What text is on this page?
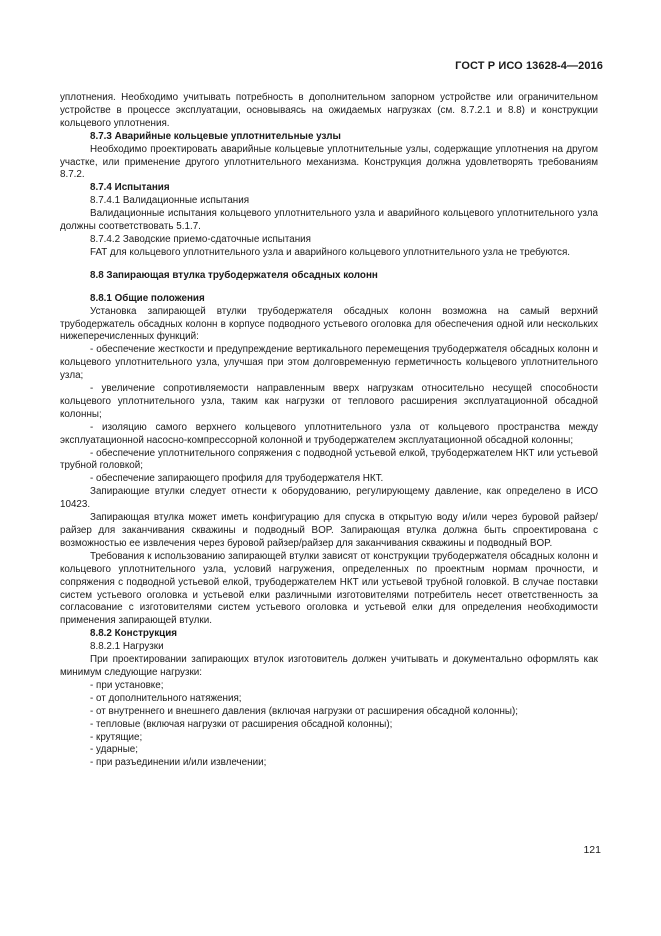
ГОСТ Р ИСО 13628-4—2016

уплотнения. Необходимо учитывать потребность в дополнительном запорном устройстве или ограничительном устройстве в процессе эксплуатации, основываясь на ожидаемых нагрузках (см. 8.7.2.1 и 8.8) и конструкции кольцевого уплотнения.

8.7.3 Аварийные кольцевые уплотнительные узлы

Необходимо проектировать аварийные кольцевые уплотнительные узлы, содержащие уплотнения на другом участке, или применение другого уплотнительного механизма. Конструкция должна удовлетворять требованиям 8.7.2.

8.7.4 Испытания

8.7.4.1 Валидационные испытания

Валидационные испытания кольцевого уплотнительного узла и аварийного кольцевого уплотнительного узла должны соответствовать 5.1.7.

8.7.4.2 Заводские приемо-сдаточные испытания

FAT для кольцевого уплотнительного узла и аварийного кольцевого уплотнительного узла не требуются.

8.8 Запирающая втулка трубодержателя обсадных колонн

8.8.1 Общие положения

Установка запирающей втулки трубодержателя обсадных колонн возможна на самый верхний трубодержатель обсадных колонн в корпусе подводного устьевого оголовка для обеспечения одной или нескольких нижеперечисленных функций:

- обеспечение жесткости и предупреждение вертикального перемещения трубодержателя обсадных колонн и кольцевого уплотнительного узла, улучшая при этом долговременную герметичность кольцевого уплотнительного узла;

- увеличение сопротивляемости направленным вверх нагрузкам относительно несущей способности кольцевого уплотнительного узла, таким как нагрузки от теплового расширения эксплуатационной обсадной колонны;

- изоляцию самого верхнего кольцевого уплотнительного узла от кольцевого пространства между эксплуатационной насосно-компрессорной колонной и трубодержателем эксплуатационной обсадной колонны;

- обеспечение уплотнительного сопряжения с подводной устьевой елкой, трубодержателем НКТ или устьевой трубной головкой;

- обеспечение запирающего профиля для трубодержателя НКТ.

Запирающие втулки следует отнести к оборудованию, регулирующему давление, как определено в ИСО 10423.

Запирающая втулка может иметь конфигурацию для спуска в открытую воду и/или через буровой райзер/райзер для заканчивания скважины и подводный BOP. Запирающая втулка должна быть спроектирована с возможностью ее извлечения через буровой райзер/райзер для заканчивания скважины и подводный BOP.

Требования к использованию запирающей втулки зависят от конструкции трубодержателя обсадных колонн и кольцевого уплотнительного узла, условий нагружения, определенных по проектным нормам прочности, и сопряжения с подводной устьевой елкой, трубодержателем НКТ или устьевой трубной головкой. В случае поставки систем устьевого оголовка и устьевой елки различными изготовителями потребитель несет ответственность за согласование с изготовителями систем устьевого оголовка и устьевой елки для определения необходимости применения запирающей втулки.

8.8.2 Конструкция

8.8.2.1 Нагрузки

При проектировании запирающих втулок изготовитель должен учитывать и документально оформлять как минимум следующие нагрузки:

- при установке;

- от дополнительного натяжения;

- от внутреннего и внешнего давления (включая нагрузки от расширения обсадной колонны);

- тепловые (включая нагрузки от расширения обсадной колонны);

- крутящие;

- ударные;

- при разъединении и/или извлечении;

121
